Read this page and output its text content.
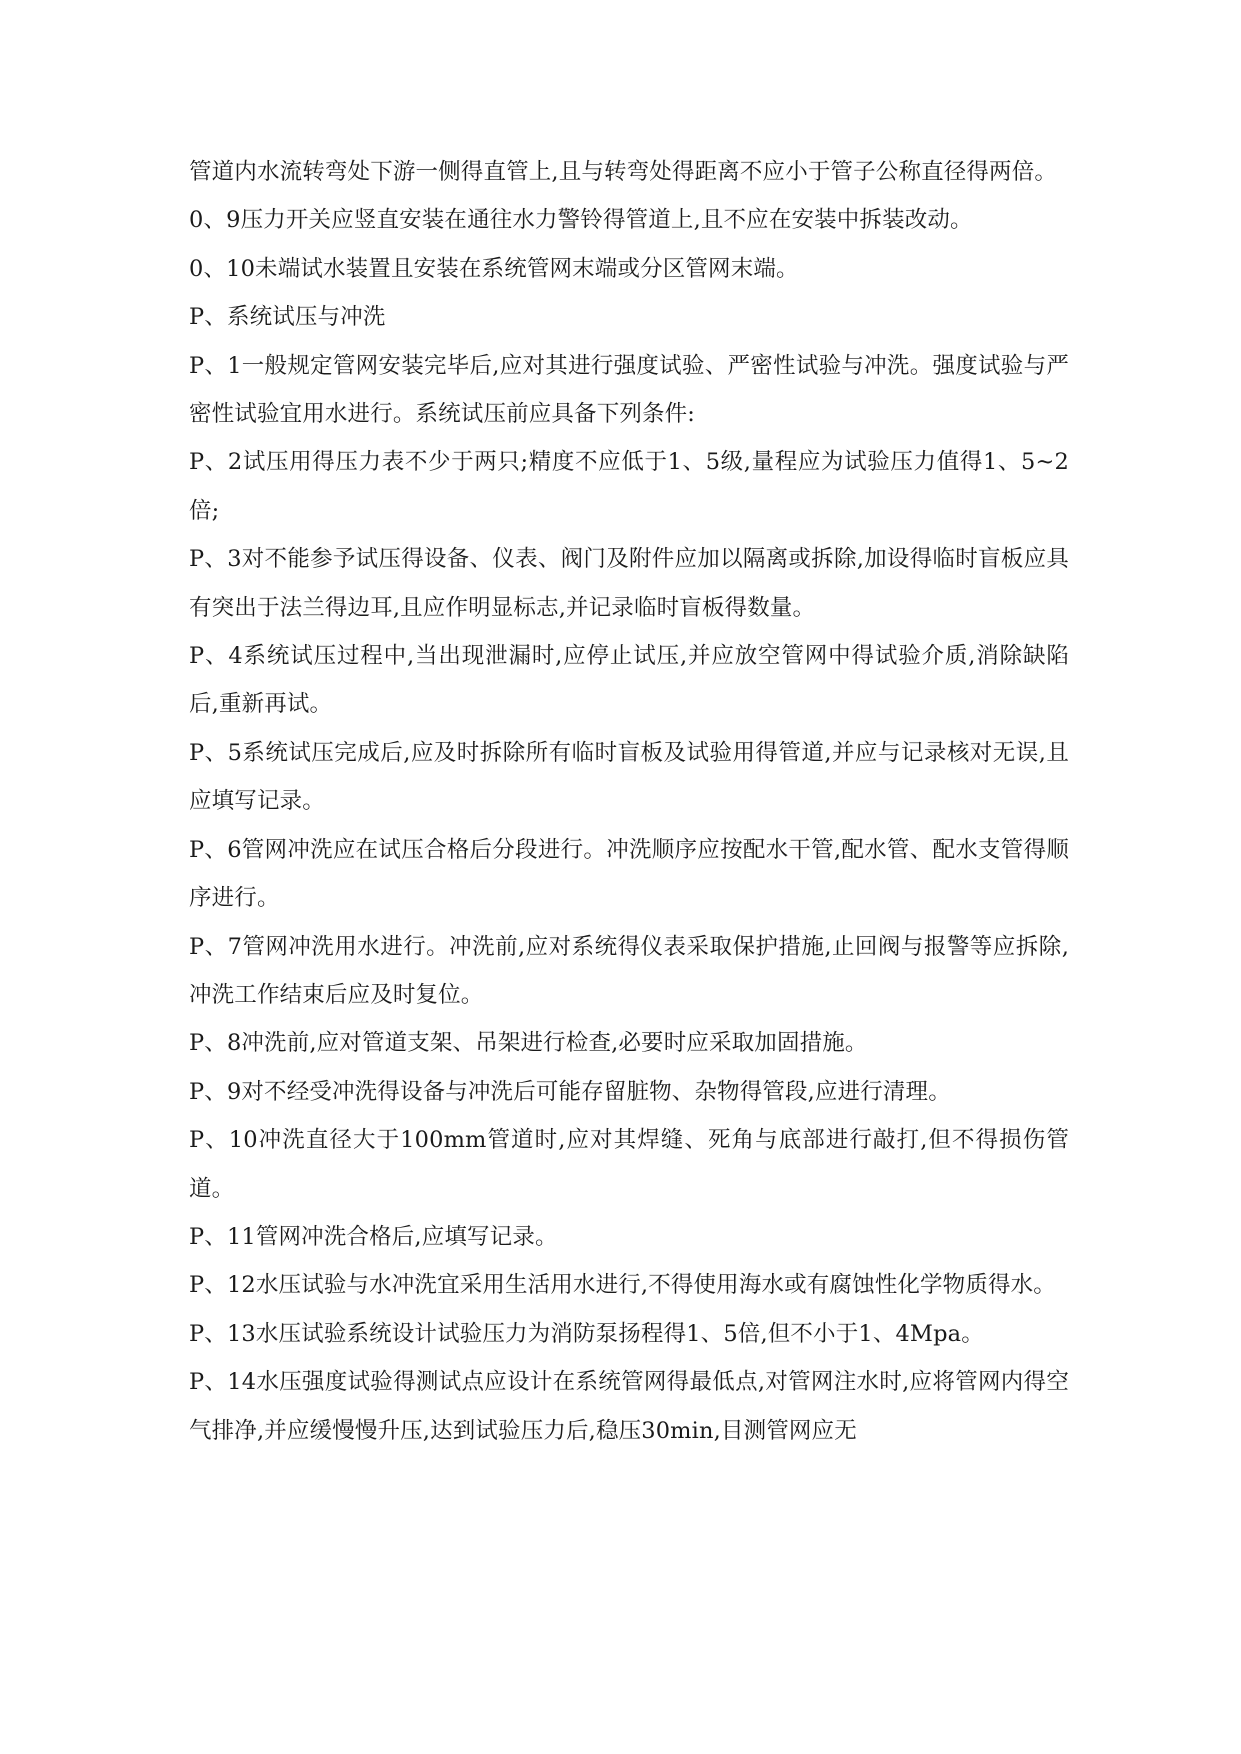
管道内水流转弯处下游一侧得直管上,且与转弯处得距离不应小于管子公称直径得两倍。

0、9压力开关应竖直安装在通往水力警铃得管道上,且不应在安装中拆装改动。

0、10未端试水装置且安装在系统管网末端或分区管网末端。

P、系统试压与冲洗

P、1一般规定管网安装完毕后,应对其进行强度试验、严密性试验与冲洗。强度试验与严密性试验宜用水进行。系统试压前应具备下列条件:

P、2试压用得压力表不少于两只;精度不应低于1、5级,量程应为试验压力值得1、5~2倍;

P、3对不能参予试压得设备、仪表、阀门及附件应加以隔离或拆除,加设得临时盲板应具有突出于法兰得边耳,且应作明显标志,并记录临时盲板得数量。

P、4系统试压过程中,当出现泄漏时,应停止试压,并应放空管网中得试验介质,消除缺陷后,重新再试。

P、5系统试压完成后,应及时拆除所有临时盲板及试验用得管道,并应与记录核对无误,且应填写记录。

P、6管网冲洗应在试压合格后分段进行。冲洗顺序应按配水干管,配水管、配水支管得顺序进行。

P、7管网冲洗用水进行。冲洗前,应对系统得仪表采取保护措施,止回阀与报警等应拆除,冲洗工作结束后应及时复位。

P、8冲洗前,应对管道支架、吊架进行检查,必要时应采取加固措施。

P、9对不经受冲洗得设备与冲洗后可能存留脏物、杂物得管段,应进行清理。

P、10冲洗直径大于100mm管道时,应对其焊缝、死角与底部进行敲打,但不得损伤管道。

P、11管网冲洗合格后,应填写记录。

P、12水压试验与水冲洗宜采用生活用水进行,不得使用海水或有腐蚀性化学物质得水。

P、13水压试验系统设计试验压力为消防泵扬程得1、5倍,但不小于1、4Mpa。

P、14水压强度试验得测试点应设计在系统管网得最低点,对管网注水时,应将管网内得空气排净,并应缓慢慢升压,达到试验压力后,稳压30min,目测管网应无
